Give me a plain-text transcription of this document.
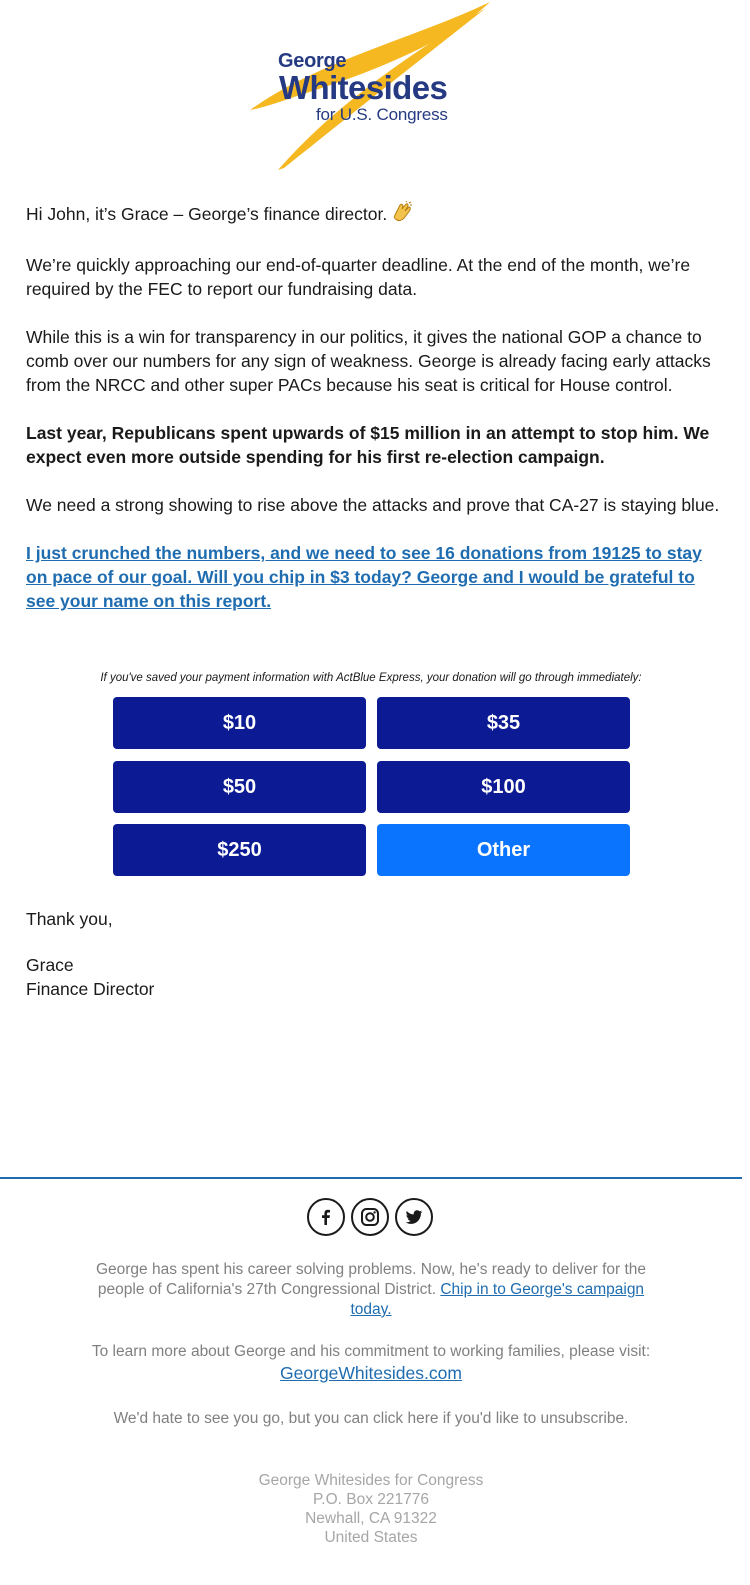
George
Whitesides
for U.S. Congress

Hi John, it’s Grace – George’s finance director.

We’re quickly approaching our end-of-quarter deadline. At the end of the month, we’re required by the FEC to report our fundraising data.

While this is a win for transparency in our politics, it gives the national GOP a chance to comb over our numbers for any sign of weakness. George is already facing early attacks from the NRCC and other super PACs because his seat is critical for House control.

Last year, Republicans spent upwards of $15 million in an attempt to stop him. We expect even more outside spending for his first re-election campaign.

We need a strong showing to rise above the attacks and prove that CA-27 is staying blue.

I just crunched the numbers, and we need to see 16 donations from 19125 to stay on pace of our goal. Will you chip in $3 today? George and I would be grateful to see your name on this report.

If you've saved your payment information with ActBlue Express, your donation will go through immediately:
$10	$35
$50	$100
$250	Other

Thank you,

Grace
Finance Director
George has spent his career solving problems. Now, he's ready to deliver for the people of California's 27th Congressional District. Chip in to George's campaign today.
To learn more about George and his commitment to working families, please visit:
GeorgeWhitesides.com
We'd hate to see you go, but you can click here if you'd like to unsubscribe.
George Whitesides for Congress
P.O. Box 221776
Newhall, CA 91322
United States
